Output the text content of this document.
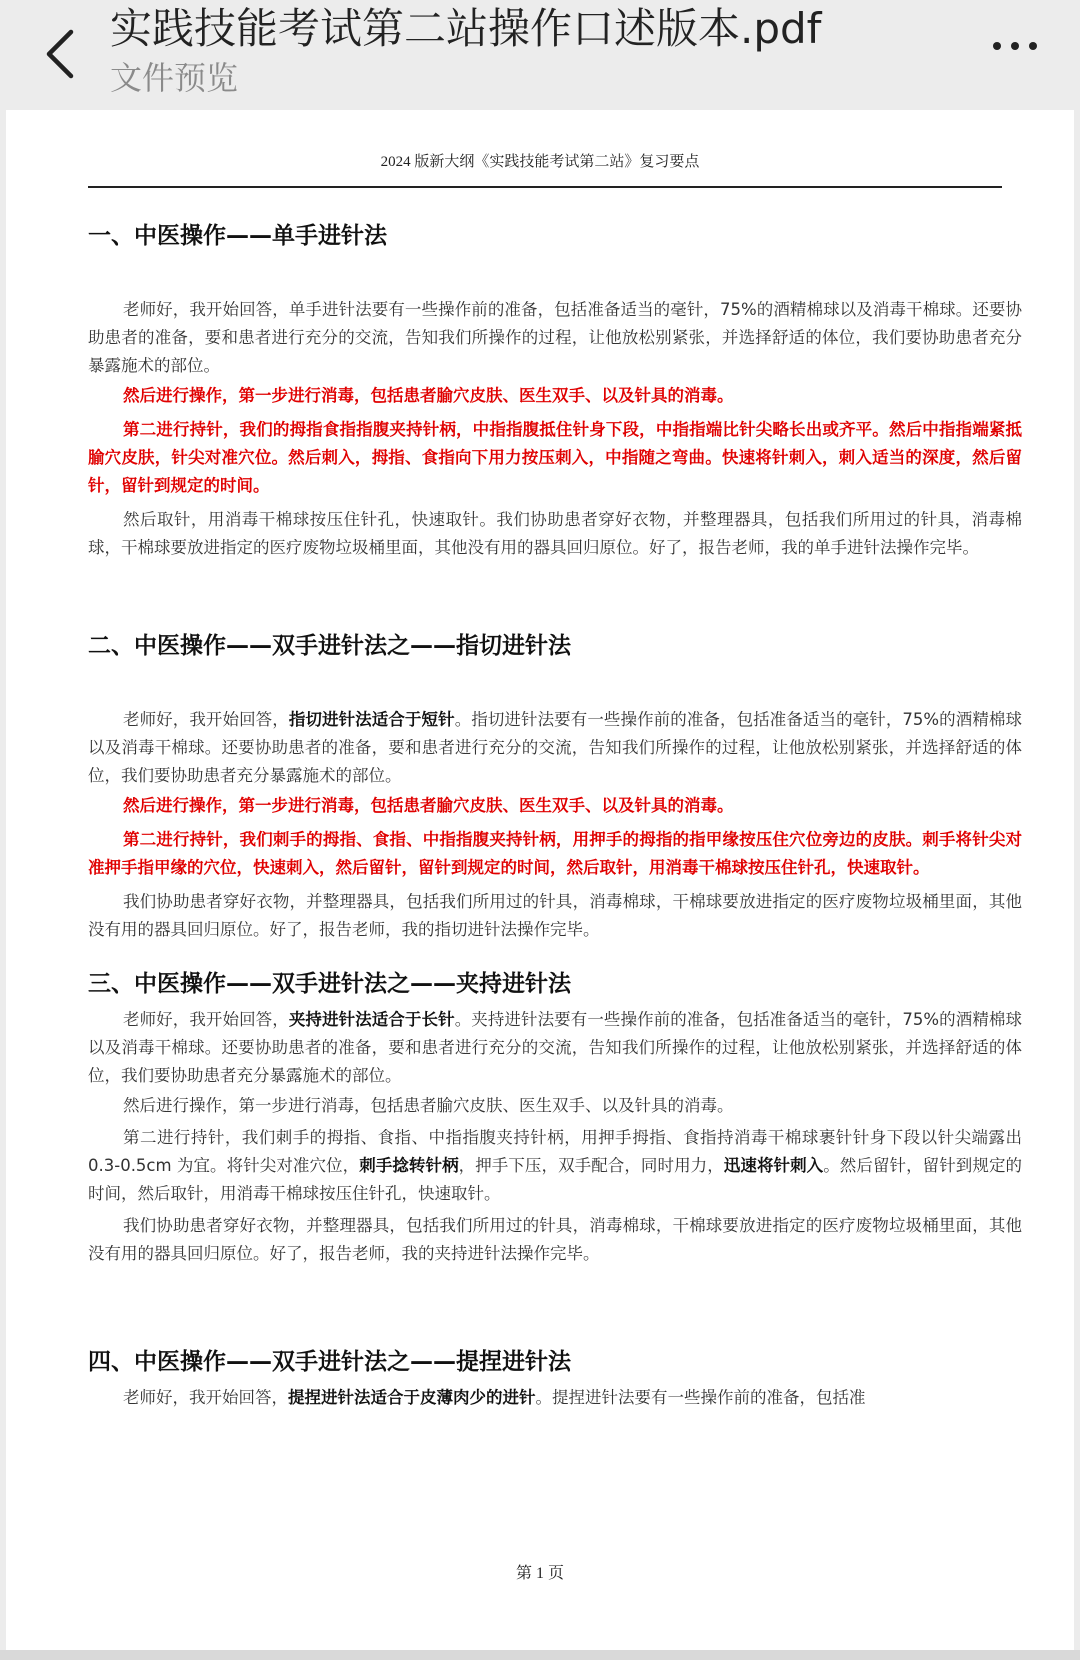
实践技能考试第二站操作口述版本.pdf
文件预览
2024 版新大纲《实践技能考试第二站》复习要点
一、中医操作——单手进针法

老师好，我开始回答，单手进针法要有一些操作前的准备，包括准备适当的毫针，75%的酒精棉球以及消毒干棉球。还要协助患者的准备，要和患者进行充分的交流，告知我们所操作的过程，让他放松别紧张，并选择舒适的体位，我们要协助患者充分暴露施术的部位。

然后进行操作，第一步进行消毒，包括患者腧穴皮肤、医生双手、以及针具的消毒。

第二进行持针，我们的拇指食指指腹夹持针柄，中指指腹抵住针身下段，中指指端比针尖略长出或齐平。然后中指指端紧抵腧穴皮肤，针尖对准穴位。然后刺入，拇指、食指向下用力按压刺入，中指随之弯曲。快速将针刺入，刺入适当的深度，然后留针，留针到规定的时间。

然后取针，用消毒干棉球按压住针孔，快速取针。我们协助患者穿好衣物，并整理器具，包括我们所用过的针具，消毒棉球，干棉球要放进指定的医疗废物垃圾桶里面，其他没有用的器具回归原位。好了，报告老师，我的单手进针法操作完毕。

二、中医操作——双手进针法之——指切进针法

老师好，我开始回答，指切进针法适合于短针。指切进针法要有一些操作前的准备，包括准备适当的毫针，75%的酒精棉球以及消毒干棉球。还要协助患者的准备，要和患者进行充分的交流，告知我们所操作的过程，让他放松别紧张，并选择舒适的体位，我们要协助患者充分暴露施术的部位。

然后进行操作，第一步进行消毒，包括患者腧穴皮肤、医生双手、以及针具的消毒。

第二进行持针，我们刺手的拇指、食指、中指指腹夹持针柄，用押手的拇指的指甲缘按压住穴位旁边的皮肤。刺手将针尖对准押手指甲缘的穴位，快速刺入，然后留针，留针到规定的时间，然后取针，用消毒干棉球按压住针孔，快速取针。

我们协助患者穿好衣物，并整理器具，包括我们所用过的针具，消毒棉球，干棉球要放进指定的医疗废物垃圾桶里面，其他没有用的器具回归原位。好了，报告老师，我的指切进针法操作完毕。

三、中医操作——双手进针法之——夹持进针法

老师好，我开始回答，夹持进针法适合于长针。夹持进针法要有一些操作前的准备，包括准备适当的毫针，75%的酒精棉球以及消毒干棉球。还要协助患者的准备，要和患者进行充分的交流，告知我们所操作的过程，让他放松别紧张，并选择舒适的体位，我们要协助患者充分暴露施术的部位。

然后进行操作，第一步进行消毒，包括患者腧穴皮肤、医生双手、以及针具的消毒。

第二进行持针，我们刺手的拇指、食指、中指指腹夹持针柄，用押手拇指、食指持消毒干棉球裹针针身下段以针尖端露出 0.3-0.5cm 为宜。将针尖对准穴位，刺手捻转针柄，押手下压，双手配合，同时用力，迅速将针刺入。然后留针，留针到规定的时间，然后取针，用消毒干棉球按压住针孔，快速取针。

我们协助患者穿好衣物，并整理器具，包括我们所用过的针具，消毒棉球，干棉球要放进指定的医疗废物垃圾桶里面，其他没有用的器具回归原位。好了，报告老师，我的夹持进针法操作完毕。

四、中医操作——双手进针法之——提捏进针法

老师好，我开始回答，提捏进针法适合于皮薄肉少的进针。提捏进针法要有一些操作前的准备，包括准

第 1 页
